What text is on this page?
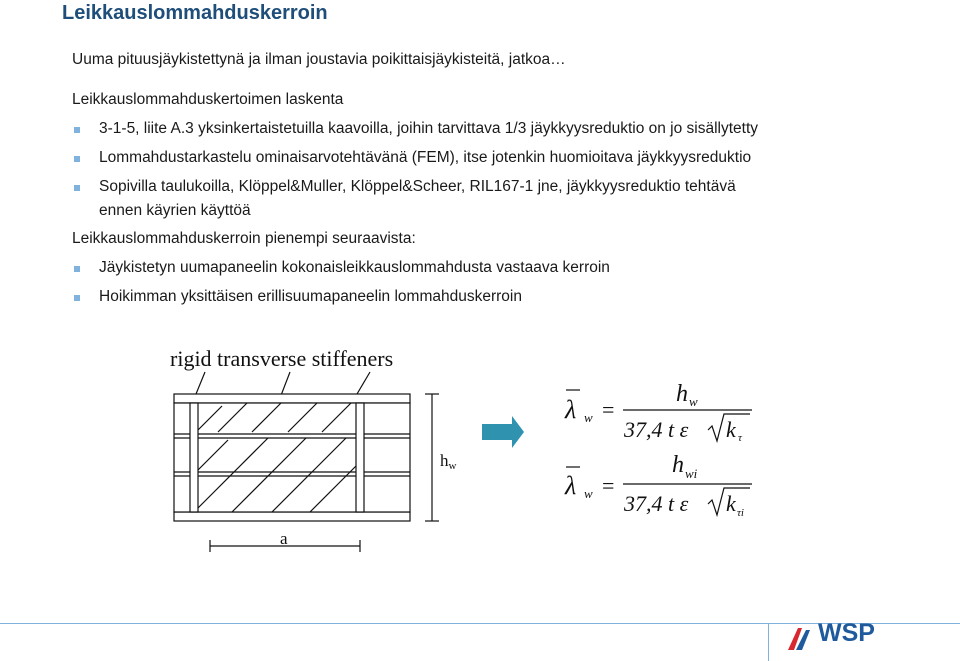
Leikkauslommahduskerroin
Uuma pituusjäykistettynä ja ilman joustavia poikittaisjäykisteitä, jatkoa…
Leikkauslommahduskertoimen laskenta
3-1-5, liite A.3 yksinkertaistetuilla kaavoilla, joihin tarvittava 1/3 jäykkyysreduktio on jo sisällytetty
Lommahdustarkastelu ominaisarvotehtävänä (FEM), itse jotenkin huomioitava jäykkyysreduktio
Sopivilla taulukoilla, Klöppel&Muller, Klöppel&Scheer, RIL167-1 jne, jäykkyysreduktio tehtävä
ennen käyrien käyttöä
Leikkauslommahduskerroin pienempi seuraavista:
Jäykistetyn uumapaneelin kokonaisleikkauslommahdusta vastaava kerroin
Hoikimman yksittäisen erillisuumapaneelin lommahduskerroin
rigid transverse stiffeners
hw
a
λ w =
h w
37,4 t ε k τ
λ w =
h wi
37,4 t ε k τi
WSP
